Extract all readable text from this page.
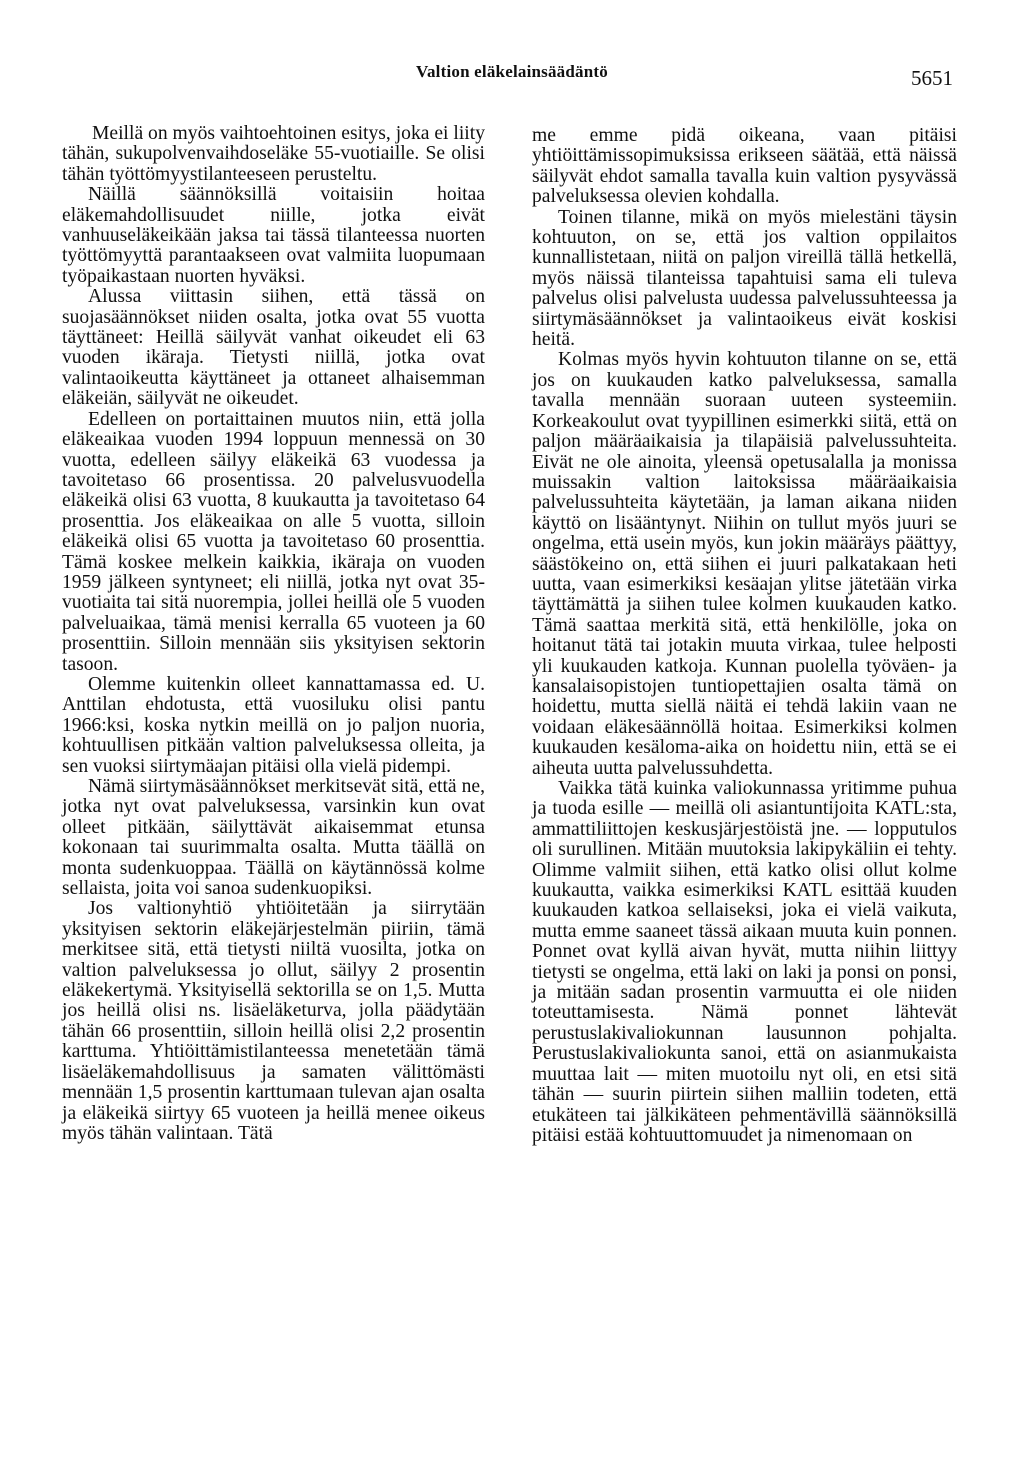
Valtion eläkelainsäädäntö	5651

Meillä on myös vaihtoehtoinen esitys, joka ei liity tähän, sukupolvenvaihdoseläke 55-vuotiaille. Se olisi tähän työttömyystilanteeseen perusteltu.

Näillä säännöksillä voitaisiin hoitaa eläkemahdollisuudet niille, jotka eivät vanhuuseläkeikään jaksa tai tässä tilanteessa nuorten työttömyyttä parantaakseen ovat valmiita luopumaan työpaikastaan nuorten hyväksi.

Alussa viittasin siihen, että tässä on suojasäännökset niiden osalta, jotka ovat 55 vuotta täyttäneet: Heillä säilyvät vanhat oikeudet eli 63 vuoden ikäraja. Tietysti niillä, jotka ovat valintaoikeutta käyttäneet ja ottaneet alhaisemman eläkeiän, säilyvät ne oikeudet.

Edelleen on portaittainen muutos niin, että jolla eläkeaikaa vuoden 1994 loppuun mennessä on 30 vuotta, edelleen säilyy eläkeikä 63 vuodessa ja tavoitetaso 66 prosentissa. 20 palvelusvuodella eläkeikä olisi 63 vuotta, 8 kuukautta ja tavoitetaso 64 prosenttia. Jos eläkeaikaa on alle 5 vuotta, silloin eläkeikä olisi 65 vuotta ja tavoitetaso 60 prosenttia. Tämä koskee melkein kaikkia, ikäraja on vuoden 1959 jälkeen syntyneet; eli niillä, jotka nyt ovat 35-vuotiaita tai sitä nuorempia, jollei heillä ole 5 vuoden palveluaikaa, tämä menisi kerralla 65 vuoteen ja 60 prosenttiin. Silloin mennään siis yksityisen sektorin tasoon.

Olemme kuitenkin olleet kannattamassa ed. U. Anttilan ehdotusta, että vuosiluku olisi pantu 1966:ksi, koska nytkin meillä on jo paljon nuoria, kohtuullisen pitkään valtion palveluksessa olleita, ja sen vuoksi siirtymäajan pitäisi olla vielä pidempi.

Nämä siirtymäsäännökset merkitsevät sitä, että ne, jotka nyt ovat palveluksessa, varsinkin kun ovat olleet pitkään, säilyttävät aikaisemmat etunsa kokonaan tai suurimmalta osalta. Mutta täällä on monta sudenkuoppaa. Täällä on käytännössä kolme sellaista, joita voi sanoa sudenkuopiksi.

Jos valtionyhtiö yhtiöitetään ja siirrytään yksityisen sektorin eläkejärjestelmän piiriin, tämä merkitsee sitä, että tietysti niiltä vuosilta, jotka on valtion palveluksessa jo ollut, säilyy 2 prosentin eläkekertymä. Yksityisellä sektorilla se on 1,5. Mutta jos heillä olisi ns. lisäeläketurva, jolla päädytään tähän 66 prosenttiin, silloin heillä olisi 2,2 prosentin karttuma. Yhtiöittämistilanteessa menetetään tämä lisäeläkemahdollisuus ja samaten välittömästi mennään 1,5 prosentin karttumaan tulevan ajan osalta ja eläkeikä siirtyy 65 vuoteen ja heillä menee oikeus myös tähän valintaan. Tätä

me emme pidä oikeana, vaan pitäisi yhtiöittämissopimuksissa erikseen säätää, että näissä säilyvät ehdot samalla tavalla kuin valtion pysyvässä palveluksessa olevien kohdalla.

Toinen tilanne, mikä on myös mielestäni täysin kohtuuton, on se, että jos valtion oppilaitos kunnallistetaan, niitä on paljon vireillä tällä hetkellä, myös näissä tilanteissa tapahtuisi sama eli tuleva palvelus olisi palvelusta uudessa palvelussuhteessa ja siirtymäsäännökset ja valintaoikeus eivät koskisi heitä.

Kolmas myös hyvin kohtuuton tilanne on se, että jos on kuukauden katko palveluksessa, samalla tavalla mennään suoraan uuteen systeemiin. Korkeakoulut ovat tyypillinen esimerkki siitä, että on paljon määräaikaisia ja tilapäisiä palvelussuhteita. Eivät ne ole ainoita, yleensä opetusalalla ja monissa muissakin valtion laitoksissa määräaikaisia palvelussuhteita käytetään, ja laman aikana niiden käyttö on lisääntynyt. Niihin on tullut myös juuri se ongelma, että usein myös, kun jokin määräys päättyy, säästökeino on, että siihen ei juuri palkatakaan heti uutta, vaan esimerkiksi kesäajan ylitse jätetään virka täyttämättä ja siihen tulee kolmen kuukauden katko. Tämä saattaa merkitä sitä, että henkilölle, joka on hoitanut tätä tai jotakin muuta virkaa, tulee helposti yli kuukauden katkoja. Kunnan puolella työväen- ja kansalaisopistojen tuntiopettajien osalta tämä on hoidettu, mutta siellä näitä ei tehdä lakiin vaan ne voidaan eläkesäännöllä hoitaa. Esimerkiksi kolmen kuukauden kesäloma-aika on hoidettu niin, että se ei aiheuta uutta palvelussuhdetta.

Vaikka tätä kuinka valiokunnassa yritimme puhua ja tuoda esille — meillä oli asiantuntijoita KATL:sta, ammattiliittojen keskusjärjestöistä jne. — lopputulos oli surullinen. Mitään muutoksia lakipykäliin ei tehty. Olimme valmiit siihen, että katko olisi ollut kolme kuukautta, vaikka esimerkiksi KATL esittää kuuden kuukauden katkoa sellaiseksi, joka ei vielä vaikuta, mutta emme saaneet tässä aikaan muuta kuin ponnen. Ponnet ovat kyllä aivan hyvät, mutta niihin liittyy tietysti se ongelma, että laki on laki ja ponsi on ponsi, ja mitään sadan prosentin varmuutta ei ole niiden toteuttamisesta. Nämä ponnet lähtevät perustuslakivaliokunnan lausunnon pohjalta. Perustuslakivaliokunta sanoi, että on asianmukaista muuttaa lait — miten muotoilu nyt oli, en etsi sitä tähän — suurin piirtein siihen malliin todeten, että etukäteen tai jälkikäteen pehmentävillä säännöksillä pitäisi estää kohtuuttomuudet ja nimenomaan on
